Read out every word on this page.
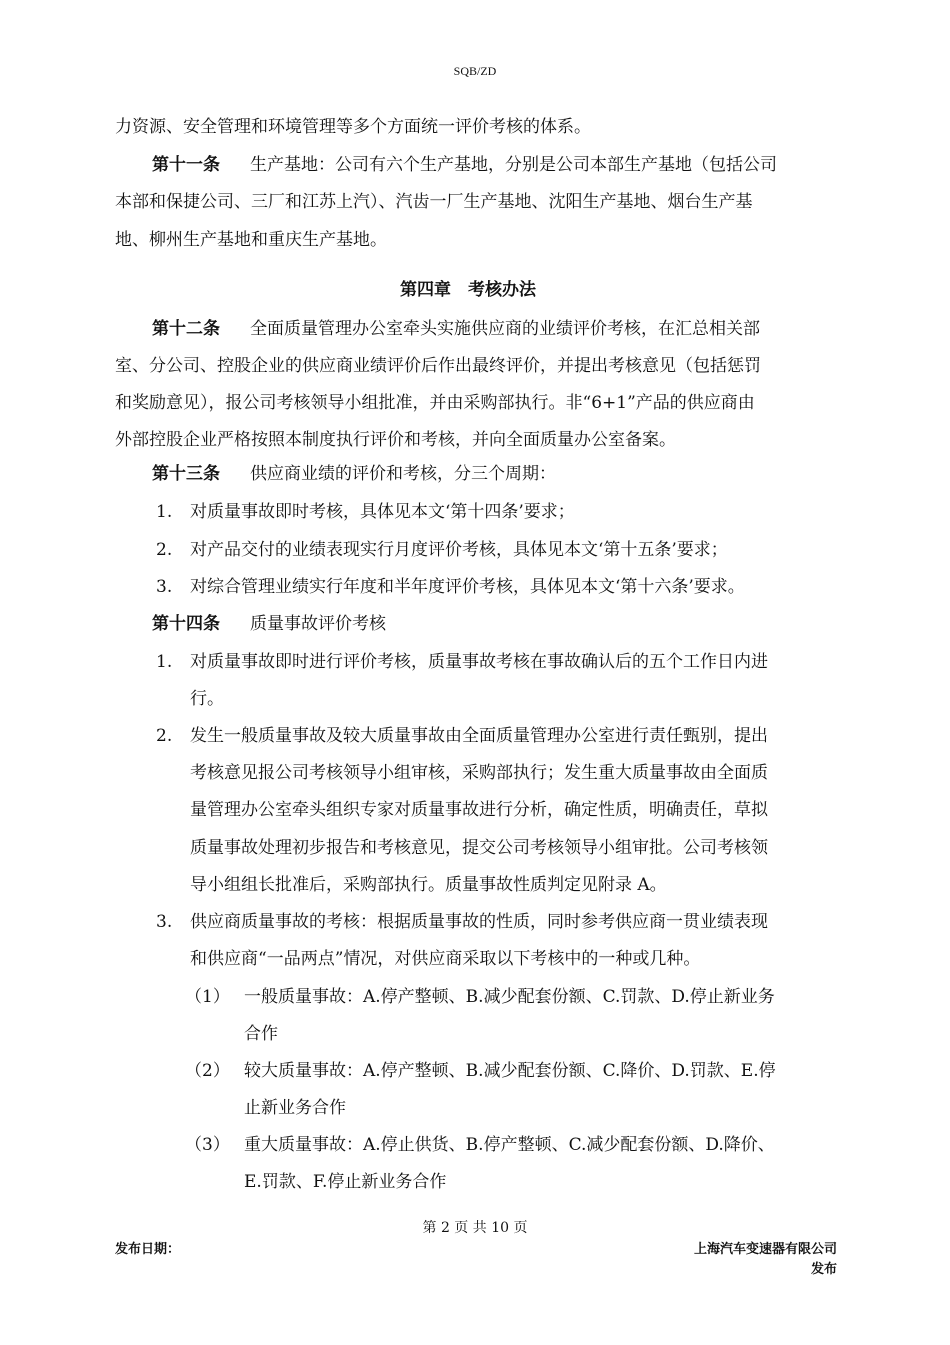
SQB/ZD
力资源、安全管理和环境管理等多个方面统一评价考核的体系。
第十一条 生产基地：公司有六个生产基地，分别是公司本部生产基地（包括公司
本部和保捷公司、三厂和江苏上汽）、汽齿一厂生产基地、沈阳生产基地、烟台生产基
地、柳州生产基地和重庆生产基地。
第四章　考核办法
第十二条 全面质量管理办公室牵头实施供应商的业绩评价考核，在汇总相关部
室、分公司、控股企业的供应商业绩评价后作出最终评价，并提出考核意见（包括惩罚
和奖励意见），报公司考核领导小组批准，并由采购部执行。非“6+1”产品的供应商由
外部控股企业严格按照本制度执行评价和考核，并向全面质量办公室备案。
第十三条 供应商业绩的评价和考核，分三个周期：
1. 对质量事故即时考核，具体见本文‘第十四条’要求；
2. 对产品交付的业绩表现实行月度评价考核，具体见本文‘第十五条’要求；
3. 对综合管理业绩实行年度和半年度评价考核，具体见本文‘第十六条’要求。
第十四条 质量事故评价考核
1. 对质量事故即时进行评价考核，质量事故考核在事故确认后的五个工作日内进
行。
2. 发生一般质量事故及较大质量事故由全面质量管理办公室进行责任甄别，提出
考核意见报公司考核领导小组审核，采购部执行；发生重大质量事故由全面质
量管理办公室牵头组织专家对质量事故进行分析，确定性质，明确责任，草拟
质量事故处理初步报告和考核意见，提交公司考核领导小组审批。公司考核领
导小组组长批准后，采购部执行。质量事故性质判定见附录 A。
3. 供应商质量事故的考核：根据质量事故的性质，同时参考供应商一贯业绩表现
和供应商“一品两点”情况，对供应商采取以下考核中的一种或几种。
（1） 一般质量事故：A.停产整顿、B.减少配套份额、C.罚款、D.停止新业务
合作
（2） 较大质量事故：A.停产整顿、B.减少配套份额、C.降价、D.罚款、E.停
止新业务合作
（3） 重大质量事故：A.停止供货、B.停产整顿、C.减少配套份额、D.降价、
E.罚款、F.停止新业务合作
第 2 页 共 10 页
发布日期：	上海汽车变速器有限公司
发布
